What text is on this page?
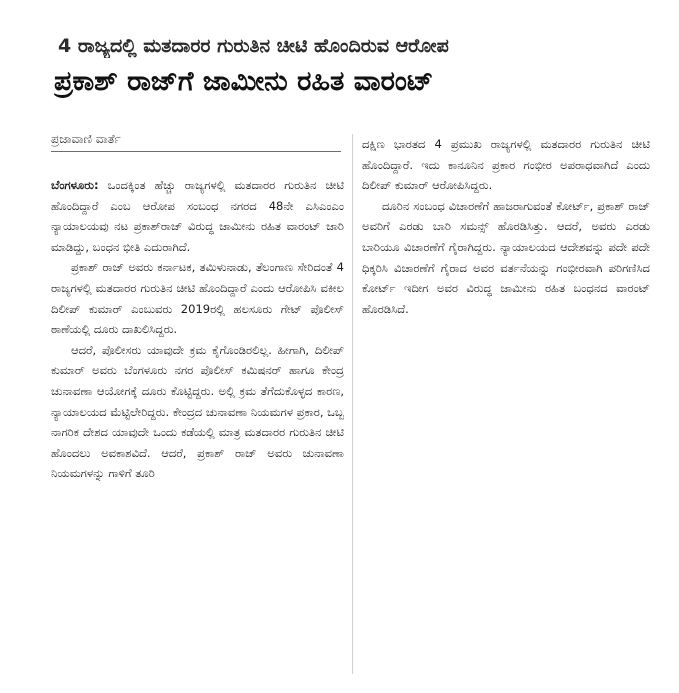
4 ರಾಜ್ಯದಲ್ಲಿ ಮತದಾರರ ಗುರುತಿನ ಚೀಟಿ ಹೊಂದಿರುವ ಆರೋಪ
ಪ್ರಕಾಶ್ ರಾಜ್‌ಗೆ ಜಾಮೀನು ರಹಿತ ವಾರಂಟ್
ಪ್ರಜಾವಾಣಿ ವಾರ್ತೆ

ಬೆಂಗಳೂರು: ಒಂದಕ್ಕಿಂತ ಹೆಚ್ಚು ರಾಜ್ಯಗಳಲ್ಲಿ ಮತದಾರರ ಗುರುತಿನ ಚೀಟಿ ಹೊಂದಿದ್ದಾರೆ ಎಂಬ ಆರೋಪ ಸಂಬಂಧ ನಗರದ 48ನೇ ಎಸಿಎಂಎಂ ನ್ಯಾಯಾಲಯವು ನಟ ಪ್ರಕಾಶ್‌ರಾಜ್ ವಿರುದ್ಧ ಜಾಮೀನು ರಹಿತ ವಾರಂಟ್ ಜಾರಿ ಮಾಡಿದ್ದು, ಬಂಧನ ಭೀತಿ ಎದುರಾಗಿದೆ.

ಪ್ರಕಾಶ್ ರಾಜ್ ಅವರು ಕರ್ನಾಟಕ, ತಮಿಳುನಾಡು, ತೆಲಂಗಾಣ ಸೇರಿದಂತೆ 4 ರಾಜ್ಯಗಳಲ್ಲಿ ಮತದಾರರ ಗುರುತಿನ ಚೀಟಿ ಹೊಂದಿದ್ದಾರೆ ಎಂದು ಆರೋಪಿಸಿ ವಕೀಲ ದಿಲೀಪ್ ಕುಮಾರ್ ಎಂಬುವರು 2019ರಲ್ಲಿ ಹಲಸೂರು ಗೇಟ್ ಪೊಲೀಸ್ ಠಾಣೆಯಲ್ಲಿ ದೂರು ದಾಖಲಿಸಿದ್ದರು.

ಆದರೆ, ಪೊಲೀಸರು ಯಾವುದೇ ಕ್ರಮ ಕೈಗೊಂಡಿರಲಿಲ್ಲ. ಹೀಗಾಗಿ, ದಿಲೀಪ್ ಕುಮಾರ್ ಅವರು ಬೆಂಗಳೂರು ನಗರ ಪೊಲೀಸ್ ಕಮಿಷನರ್ ಹಾಗೂ ಕೇಂದ್ರ ಚುನಾವಣಾ ಆಯೋಗಕ್ಕೆ ದೂರು ಕೊಟ್ಟಿದ್ದರು. ಅಲ್ಲಿ ಕ್ರಮ ತೆಗೆದುಕೊಳ್ಳದ ಕಾರಣ, ನ್ಯಾಯಾಲಯದ ಮೆಟ್ಟಿಲೇರಿದ್ದರು. ಕೇಂದ್ರದ ಚುನಾವಣಾ ನಿಯಮಗಳ ಪ್ರಕಾರ, ಒಬ್ಬ ನಾಗರಿಕ ದೇಶದ ಯಾವುದೇ ಒಂದು ಕಡೆಯಲ್ಲಿ ಮಾತ್ರ ಮತದಾರರ ಗುರುತಿನ ಚೀಟಿ ಹೊಂದಲು ಅವಕಾಶವಿದೆ. ಆದರೆ, ಪ್ರಕಾಶ್ ರಾಜ್ ಅವರು ಚುನಾವಣಾ ನಿಯಮಗಳನ್ನು ಗಾಳಿಗೆ ತೂರಿ

ದಕ್ಷಿಣ ಭಾರತದ 4 ಪ್ರಮುಖ ರಾಜ್ಯಗಳಲ್ಲಿ ಮತದಾರರ ಗುರುತಿನ ಚೀಟಿ ಹೊಂದಿದ್ದಾರೆ. ಇದು ಕಾನೂನಿನ ಪ್ರಕಾರ ಗಂಭೀರ ಅಪರಾಧವಾಗಿದೆ ಎಂದು ದಿಲೀಪ್ ಕುಮಾರ್ ಆರೋಪಿಸಿದ್ದರು.

ದೂರಿನ ಸಂಬಂಧ ವಿಚಾರಣೆಗೆ ಹಾಜರಾಗುವಂತೆ ಕೋರ್ಟ್, ಪ್ರಕಾಶ್ ರಾಜ್ ಅವರಿಗೆ ಎರಡು ಬಾರಿ ಸಮನ್ಸ್ ಹೊರಡಿಸಿತ್ತು. ಆದರೆ, ಅವರು ಎರಡು ಬಾರಿಯೂ ವಿಚಾರಣೆಗೆ ಗೈರಾಗಿದ್ದರು. ನ್ಯಾಯಾಲಯದ ಆದೇಶವನ್ನು ಪದೇ ಪದೇ ಧಿಕ್ಕರಿಸಿ ವಿಚಾರಣೆಗೆ ಗೈರಾದ ಅವರ ವರ್ತನೆಯನ್ನು ಗಂಭೀರವಾಗಿ ಪರಿಗಣಿಸಿದ ಕೋರ್ಟ್ ಇದೀಗ ಅವರ ವಿರುದ್ಧ ಜಾಮೀನು ರಹಿತ ಬಂಧನದ ವಾರಂಟ್ ಹೊರಡಿಸಿದೆ.
